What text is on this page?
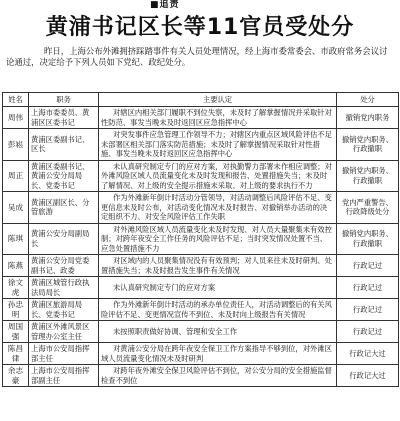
■追责
黄浦书记区长等11官员受处分
昨日，上海公布外滩拥挤踩踏事件有关人员处理情况，经上海市委常委会、市政府常务会议讨论通过，决定给予下列人员如下党纪、政纪处分。
姓名	职务	主要认定	处分
周伟	上海市委委员、黄浦区区委书记	对辖区内相关部门履职不到位失察，未及时了解掌握情况并采取针对性防范、事发当晚未及时返回区应急指挥中心	撤销党内职务
彭崧	黄浦区委副书记、区长	对突发事件应急管理工作领导不力；对辖区内重点区域风险评估不足未部署区相关部门落实防范措施；未及时了解掌握情况采取针对性措施、事发当晚未及时返回区应急指挥中心	撤销党内职务、行政撤职
周正	黄浦区委副书记、黄浦公安分局局长、党委书记	未认真研究制定专门的应对方案，对执勤警力部署未作相应调整；对外滩风险区域人员流量变化未及时发现和报告、处置措施失当；未及时了解情况、对上级的安全提示措施未采取、对上级的要求执行不力	撤销党内职务、行政撤职
吴成	黄浦区副区长、分管旅游	作为外滩新年倒计时活动分管领导，对活动调整后风险评估不足、变更信息未及时公布，对活动变化情况未及时报告、对撤销举办活动的决定组织不力、对安全风险评估工作失职	党内严重警告、行政降级处分
陈琪	黄浦公安分局副局长	对外滩风险区域人员流量变化未及时发现、对人员大量聚集未有效控制；对跨年夜安全工作任务的风险评估不足；当时突发情况处置不当、应急处置措施不力	撤销党内职务、行政撤职
陈燕	黄浦公安分局党委副书记、政委	对区域内的人员聚集情况没有有效预判；对人员来往未及时研判、处置措施失当；未及时报告发生事件有关情况	行政记过
徐文虎	黄浦区城管行政执法局局长	未认真研究制定专门的应对方案	行政记过
孙忠明	黄浦区旅游局局长、党委书记	作为外滩新年倒计时活动的承办单位责任人，对活动调整后的有关风险评估不足、变更情况宣传不到位、未及时向上级报告有关情况	行政记过
周国强	黄浦区外滩风景区管理办公室主任	未按照职责做好协调、管理和安全工作	行政记过
陈昌律	上海市公安局指挥部主任	对黄浦公安分局在跨年夜安全保卫工作方案指导不够到位，对外滩区域人员流量变化情况未及时研判	行政记大过
余志豪	上海市公安局指挥部副主任	对跨年夜外滩安全保卫风险评估不到位，对公安分局的安全措施监督检查不到位	行政记大过
